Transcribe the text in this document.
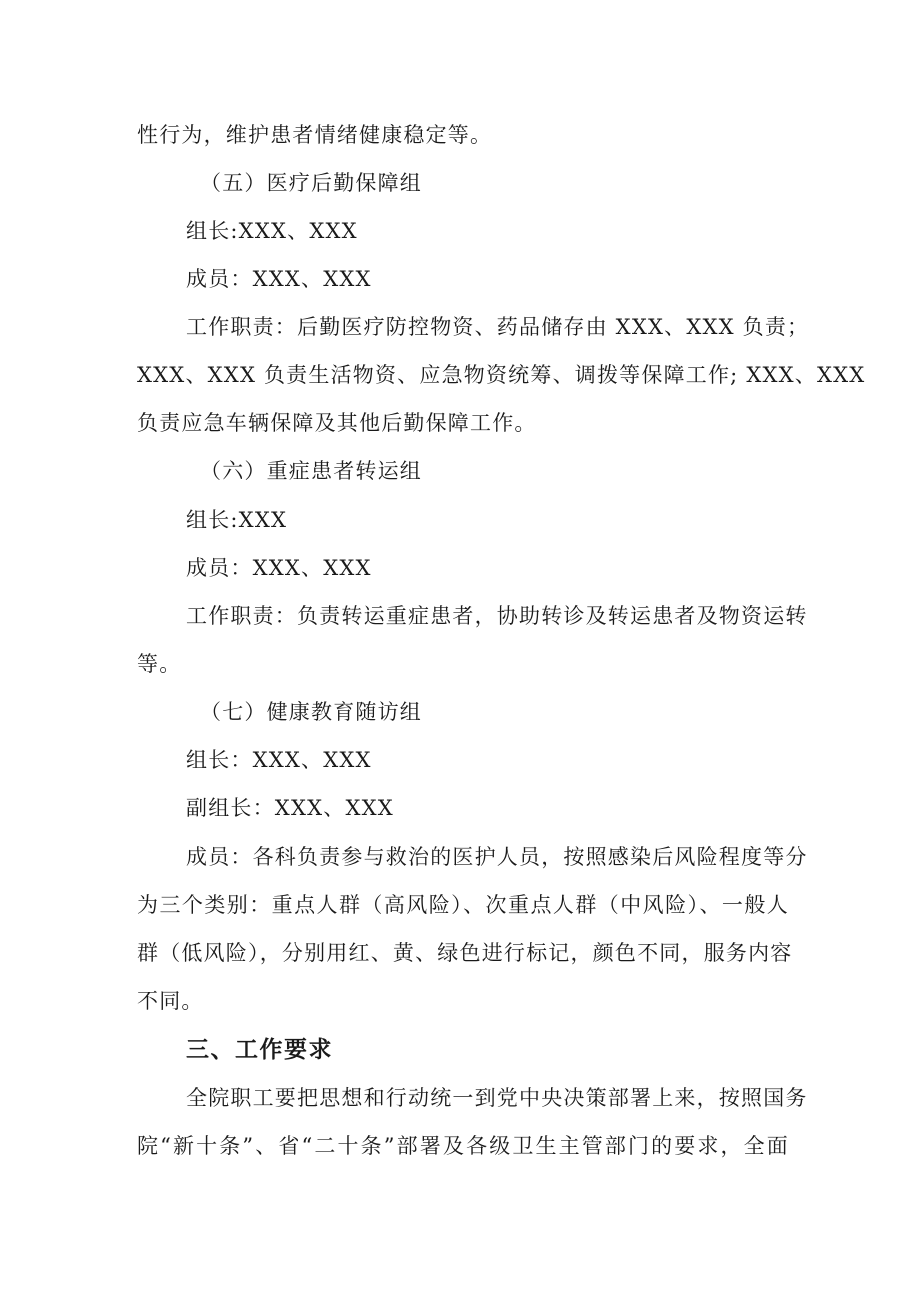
性行为，维护患者情绪健康稳定等。
（五）医疗后勤保障组
组长:XXX、XXX
成员：XXX、XXX
工作职责：后勤医疗防控物资、药品储存由 XXX、XXX 负责；
XXX、XXX 负责生活物资、应急物资统筹、调拨等保障工作; XXX、XXX
负责应急车辆保障及其他后勤保障工作。
（六）重症患者转运组
组长:XXX
成员：XXX、XXX
工作职责：负责转运重症患者，协助转诊及转运患者及物资运转
等。
（七）健康教育随访组
组长：XXX、XXX
副组长：XXX、XXX
成员：各科负责参与救治的医护人员，按照感染后风险程度等分
为三个类别：重点人群（高风险）、次重点人群（中风险）、一般人
群（低风险），分别用红、黄、绿色进行标记，颜色不同，服务内容
不同。
三、工作要求
全院职工要把思想和行动统一到党中央决策部署上来，按照国务
院“新十条”、省“二十条”部署及各级卫生主管部门的要求，全面
